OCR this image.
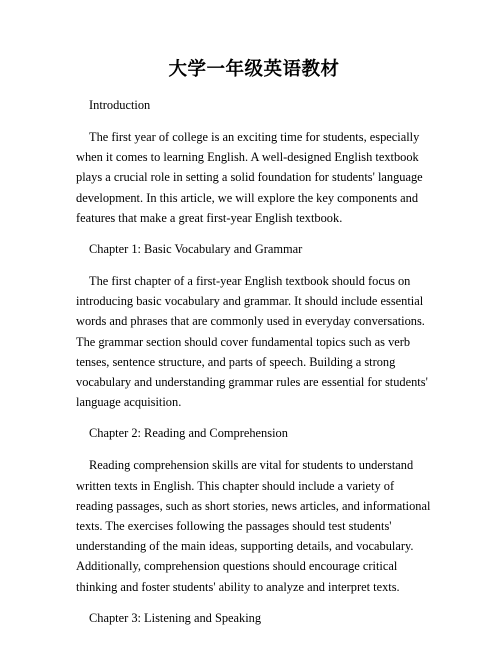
大学一年级英语教材

Introduction

The first year of college is an exciting time for students, especially when it comes to learning English. A well-designed English textbook plays a crucial role in setting a solid foundation for students' language development. In this article, we will explore the key components and features that make a great first-year English textbook.

Chapter 1: Basic Vocabulary and Grammar

The first chapter of a first-year English textbook should focus on introducing basic vocabulary and grammar. It should include essential words and phrases that are commonly used in everyday conversations. The grammar section should cover fundamental topics such as verb tenses, sentence structure, and parts of speech. Building a strong vocabulary and understanding grammar rules are essential for students' language acquisition.

Chapter 2: Reading and Comprehension

Reading comprehension skills are vital for students to understand written texts in English. This chapter should include a variety of reading passages, such as short stories, news articles, and informational texts. The exercises following the passages should test students' understanding of the main ideas, supporting details, and vocabulary. Additionally, comprehension questions should encourage critical thinking and foster students' ability to analyze and interpret texts.

Chapter 3: Listening and Speaking
